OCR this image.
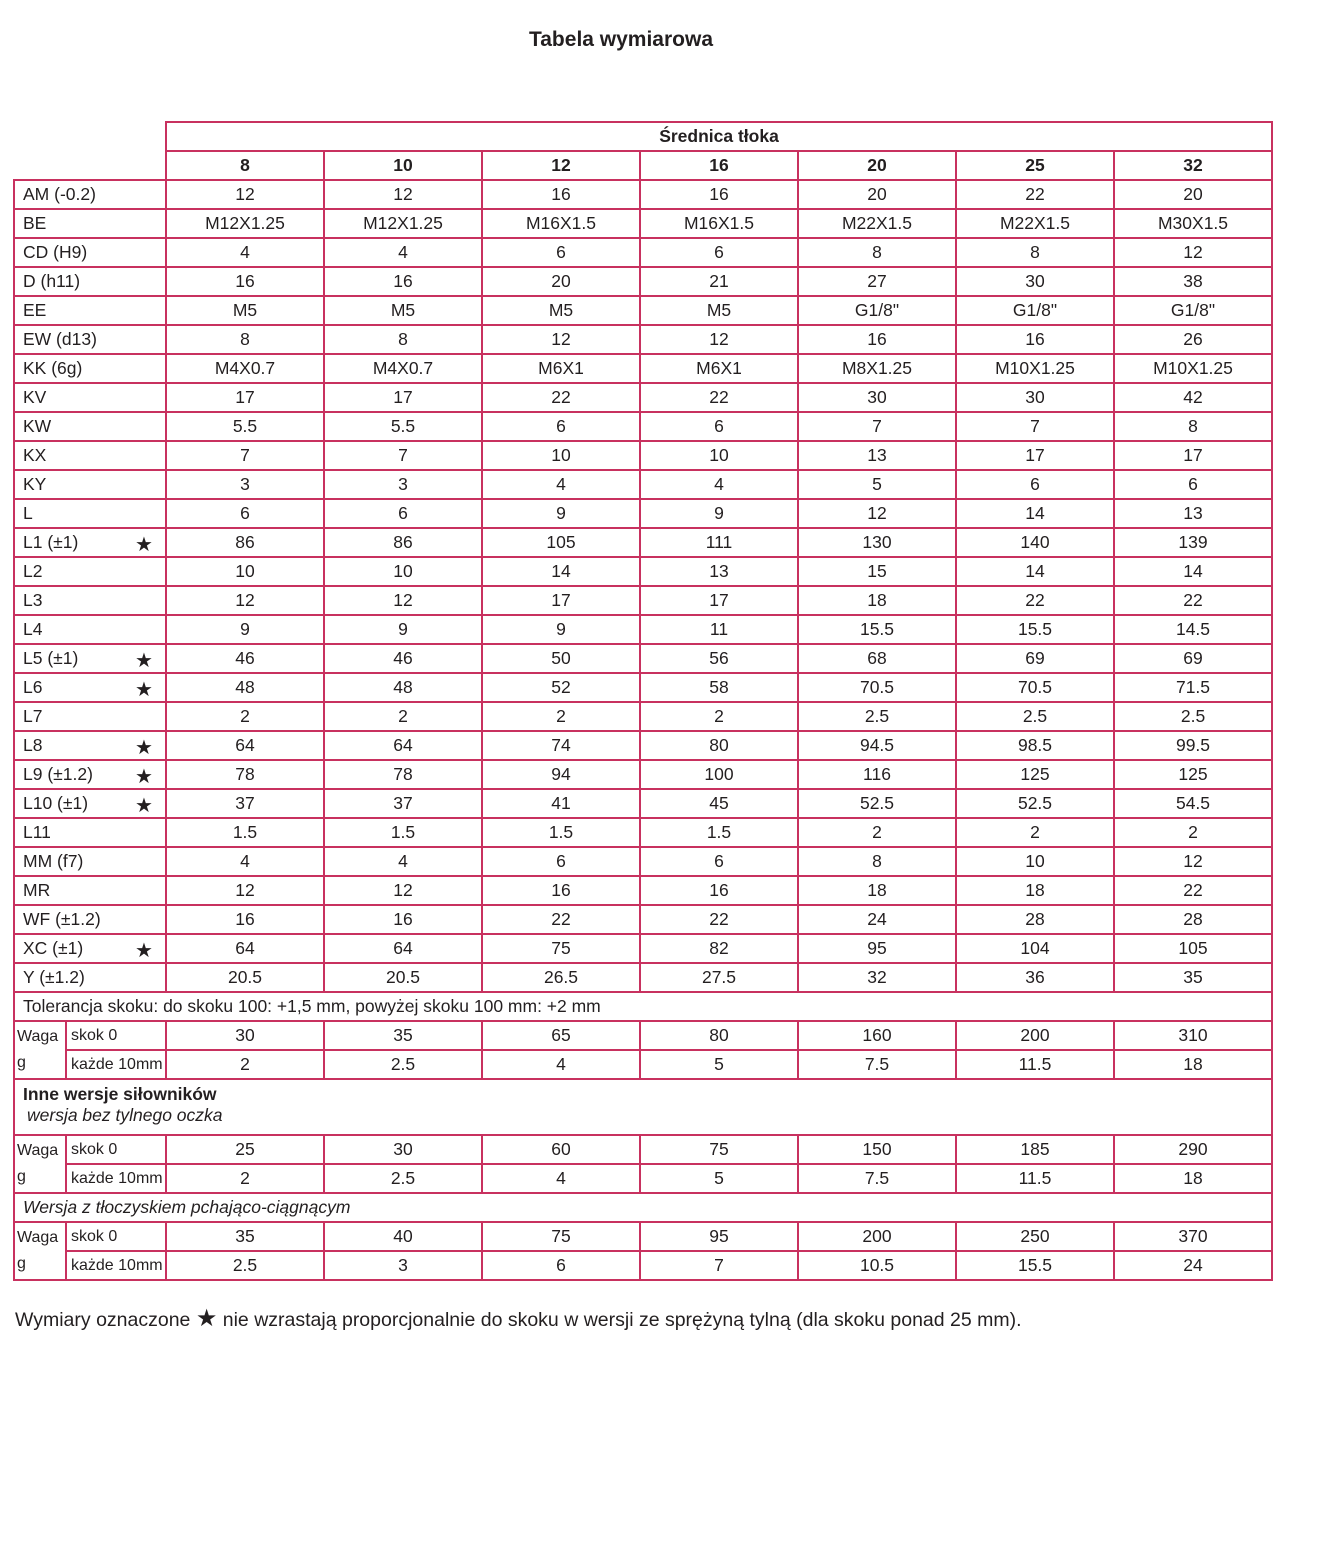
Tabela wymiarowa
		Średnica tłoka						
		8	10	12	16	20	25	32
AM (-0.2)		12	12	16	16	20	22	20
BE		M12X1.25	M12X1.25	M16X1.5	M16X1.5	M22X1.5	M22X1.5	M30X1.5
CD (H9)		4	4	6	6	8	8	12
D (h11)		16	16	20	21	27	30	38
EE		M5	M5	M5	M5	G1/8"	G1/8"	G1/8"
EW (d13)		8	8	12	12	16	16	26
KK (6g)		M4X0.7	M4X0.7	M6X1	M6X1	M8X1.25	M10X1.25	M10X1.25
KV		17	17	22	22	30	30	42
KW		5.5	5.5	6	6	7	7	8
KX		7	7	10	10	13	17	17
KY		3	3	4	4	5	6	6
L		6	6	9	9	12	14	13
L1 (±1) ★		86	86	105	111	130	140	139
L2		10	10	14	13	15	14	14
L3		12	12	17	17	18	22	22
L4		9	9	9	11	15.5	15.5	14.5
L5 (±1) ★		46	46	50	56	68	69	69
L6 ★		48	48	52	58	70.5	70.5	71.5
L7		2	2	2	2	2.5	2.5	2.5
L8 ★		64	64	74	80	94.5	98.5	99.5
L9 (±1.2) ★		78	78	94	100	116	125	125
L10 (±1) ★		37	37	41	45	52.5	52.5	54.5
L11		1.5	1.5	1.5	1.5	2	2	2
MM (f7)		4	4	6	6	8	10	12
MR		12	12	16	16	18	18	22
WF (±1.2)		16	16	22	22	24	28	28
XC (±1) ★		64	64	75	82	95	104	105
Y (±1.2)		20.5	20.5	26.5	27.5	32	36	35
Tolerancja skoku: do skoku 100: +1,5 mm, powyżej skoku 100 mm: +2 mm								

Waga
g	skok 0	30	35	65	80	160	200	310
	każde 10mm	2	2.5	4	5	7.5	11.5	18

Inne wersje siłowników
wersja bez tylnego oczka								

Waga
g	skok 0	25	30	60	75	150	185	290
	każde 10mm	2	2.5	4	5	7.5	11.5	18
Wersja z tłoczyskiem pchająco-ciągnącym								

Waga
g	skok 0	35	40	75	95	200	250	370
	każde 10mm	2.5	3	6	7	10.5	15.5	24
Wymiary oznaczone ★ nie wzrastają proporcjonalnie do skoku w wersji ze sprężyną tylną (dla skoku ponad 25 mm).
